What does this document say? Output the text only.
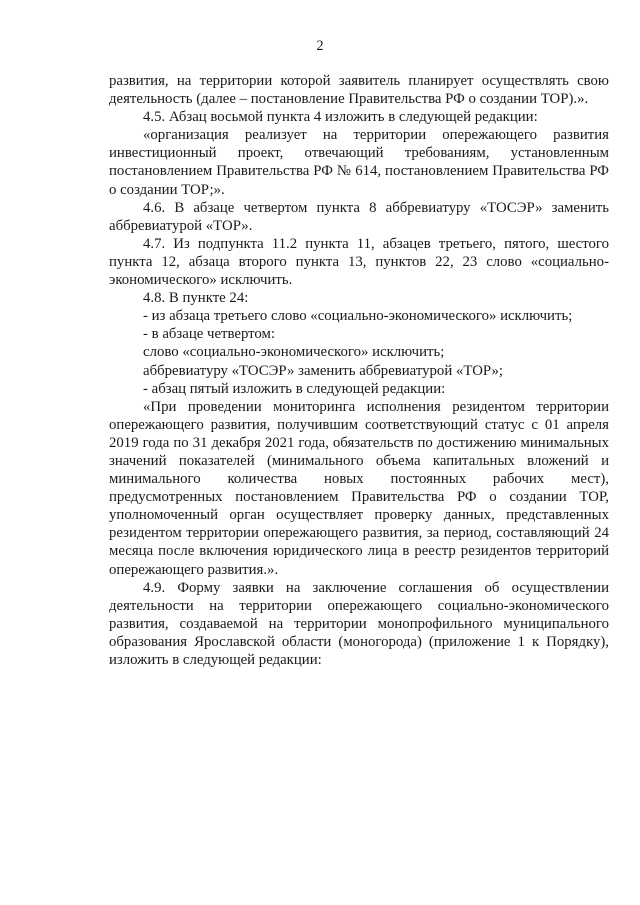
2

развития, на территории которой заявитель планирует осуществлять свою деятельность (далее – постановление Правительства РФ о создании ТОР).».

4.5. Абзац восьмой пункта 4 изложить в следующей редакции:

«организация реализует на территории опережающего развития инвестиционный проект, отвечающий требованиям, установленным постановлением Правительства РФ № 614, постановлением Правительства РФ о создании ТОР;».

4.6. В абзаце четвертом пункта 8 аббревиатуру «ТОСЭР» заменить аббревиатурой «ТОР».

4.7. Из подпункта 11.2 пункта 11, абзацев третьего, пятого, шестого пункта 12, абзаца второго пункта 13, пунктов 22, 23 слово «социально-экономического» исключить.

4.8. В пункте 24:

- из абзаца третьего слово «социально-экономического» исключить;

- в абзаце четвертом:

слово «социально-экономического» исключить;

аббревиатуру «ТОСЭР» заменить аббревиатурой «ТОР»;

- абзац пятый изложить в следующей редакции:

«При проведении мониторинга исполнения резидентом территории опережающего развития, получившим соответствующий статус с 01 апреля 2019 года по 31 декабря 2021 года, обязательств по достижению минимальных значений показателей (минимального объема капитальных вложений и минимального количества новых постоянных рабочих мест), предусмотренных постановлением Правительства РФ о создании ТОР, уполномоченный орган осуществляет проверку данных, представленных резидентом территории опережающего развития, за период, составляющий 24 месяца после включения юридического лица в реестр резидентов территорий опережающего развития.».

4.9. Форму заявки на заключение соглашения об осуществлении деятельности на территории опережающего социально-экономического развития, создаваемой на территории монопрофильного муниципального образования Ярославской области (моногорода) (приложение 1 к Порядку), изложить в следующей редакции:
